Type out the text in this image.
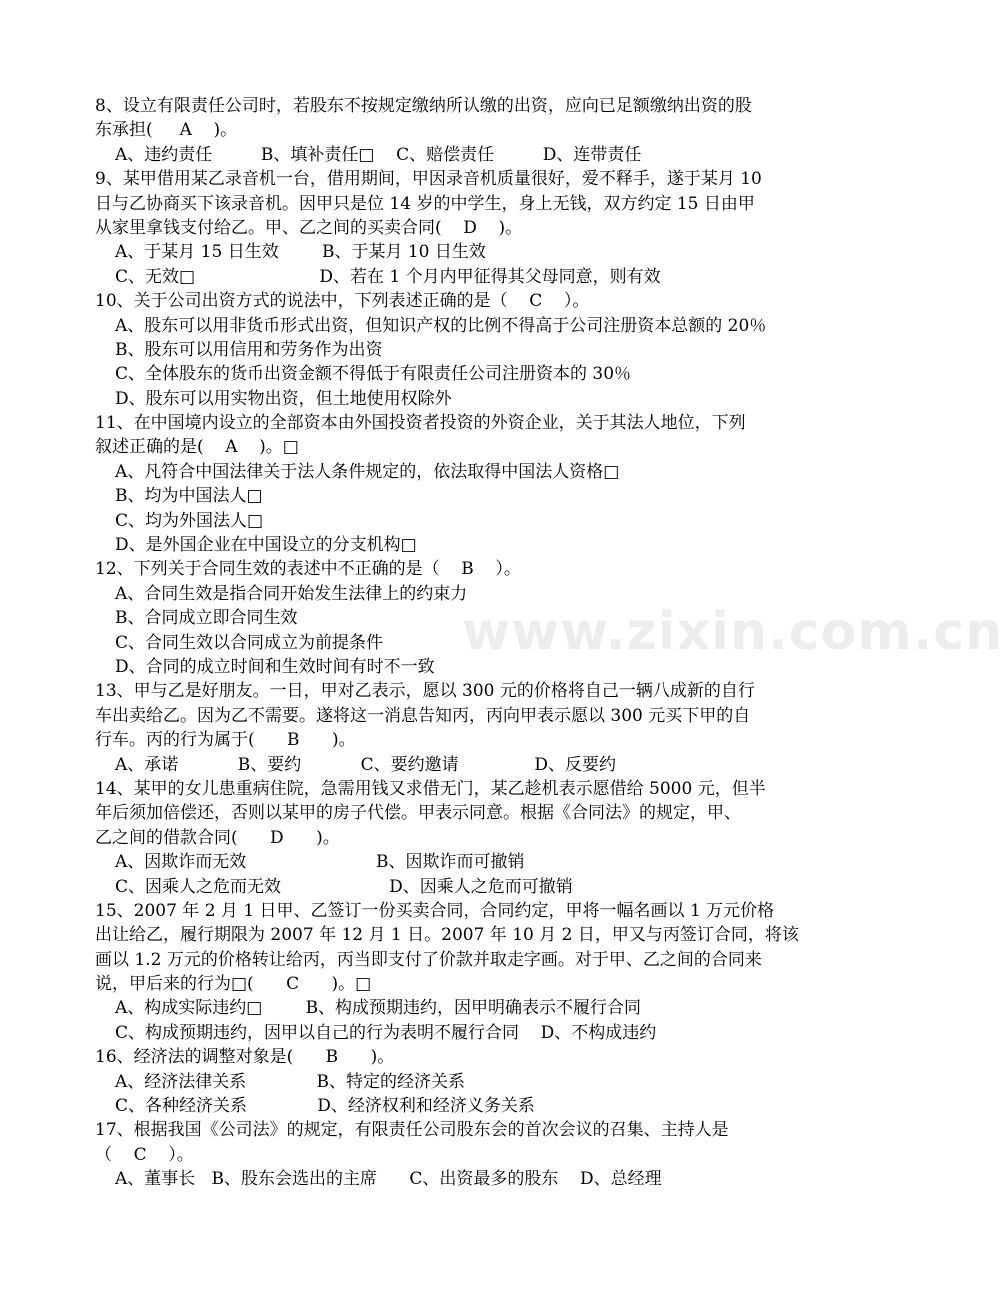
www.zixin.com.cn
8、设立有限责任公司时，若股东不按规定缴纳所认缴的出资，应向已足额缴纳出资的股
东承担(     A    )。
A、违约责任         B、填补责任□    C、赔偿责任         D、连带责任
9、某甲借用某乙录音机一台，借用期间，甲因录音机质量很好，爱不释手，遂于某月 10
日与乙协商买下该录音机。因甲只是位 14 岁的中学生，身上无钱，双方约定 15 日由甲
从家里拿钱支付给乙。甲、乙之间的买卖合同(    D    )。
A、于某月 15 日生效        B、于某月 10 日生效
C、无效□                       D、若在 1 个月内甲征得其父母同意，则有效
10、关于公司出资方式的说法中，下列表述正确的是（    C    ）。
A、股东可以用非货币形式出资，但知识产权的比例不得高于公司注册资本总额的 20％
B、股东可以用信用和劳务作为出资
C、全体股东的货币出资金额不得低于有限责任公司注册资本的 30％
D、股东可以用实物出资，但土地使用权除外
11、在中国境内设立的全部资本由外国投资者投资的外资企业，关于其法人地位，下列
叙述正确的是(    A    )。□
A、凡符合中国法律关于法人条件规定的，依法取得中国法人资格□
B、均为中国法人□
C、均为外国法人□
D、是外国企业在中国设立的分支机构□
12、下列关于合同生效的表述中不正确的是（    B    ）。
A、合同生效是指合同开始发生法律上的约束力
B、合同成立即合同生效
C、合同生效以合同成立为前提条件
D、合同的成立时间和生效时间有时不一致
13、甲与乙是好朋友。一日，甲对乙表示，愿以 300 元的价格将自己一辆八成新的自行
车出卖给乙。因为乙不需要。遂将这一消息告知丙，丙向甲表示愿以 300 元买下甲的自
行车。丙的行为属于(      B      )。
A、承诺           B、要约           C、要约邀请              D、反要约
14、某甲的女儿患重病住院，急需用钱又求借无门，某乙趁机表示愿借给 5000 元，但半
年后须加倍偿还，否则以某甲的房子代偿。甲表示同意。根据《合同法》的规定，甲、
乙之间的借款合同(      D      )。
A、因欺诈而无效                        B、因欺诈而可撤销
C、因乘人之危而无效                    D、因乘人之危而可撤销
15、2007 年 2 月 1 日甲、乙签订一份买卖合同，合同约定，甲将一幅名画以 1 万元价格
出让给乙，履行期限为 2007 年 12 月 1 日。2007 年 10 月 2 日，甲又与丙签订合同，将该
画以 1.2 万元的价格转让给丙，丙当即支付了价款并取走字画。对于甲、乙之间的合同来
说，甲后来的行为□(      C      )。□
A、构成实际违约□        B、构成预期违约，因甲明确表示不履行合同
C、构成预期违约，因甲以自己的行为表明不履行合同    D、不构成违约
16、经济法的调整对象是(      B      )。
A、经济法律关系             B、特定的经济关系
C、各种经济关系             D、经济权利和经济义务关系
17、根据我国《公司法》的规定，有限责任公司股东会的首次会议的召集、主持人是
（    C    ）。
A、董事长   B、股东会选出的主席      C、出资最多的股东    D、总经理
